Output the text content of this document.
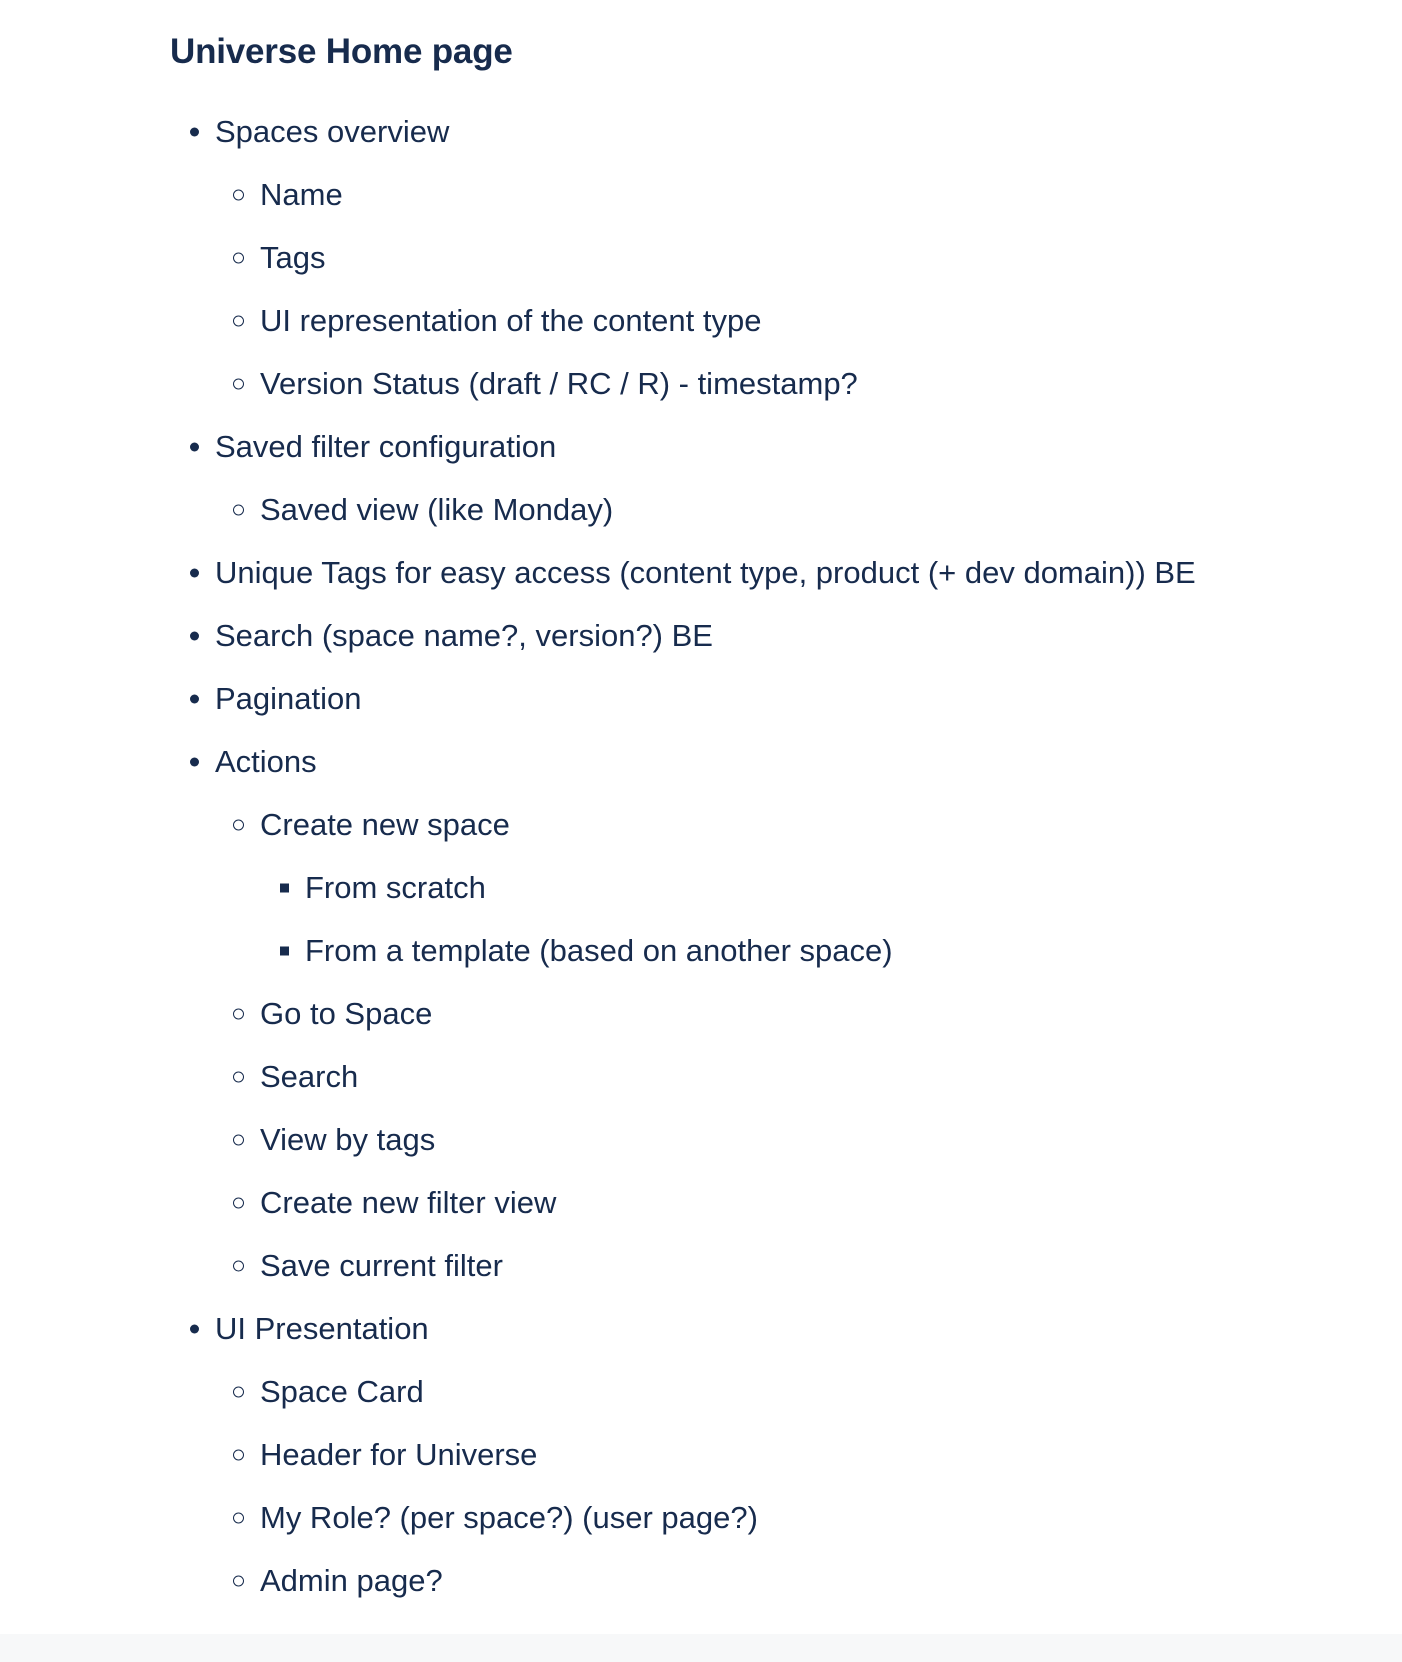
Universe Home page
Spaces overview
Name
Tags
UI representation of the content type
Version Status (draft / RC / R) - timestamp?
Saved filter configuration
Saved view (like Monday)
Unique Tags for easy access (content type, product (+ dev domain)) BE
Search (space name?, version?) BE
Pagination
Actions
Create new space
From scratch
From a template (based on another space)
Go to Space
Search
View by tags
Create new filter view
Save current filter
UI Presentation
Space Card
Header for Universe
My Role? (per space?) (user page?)
Admin page?
